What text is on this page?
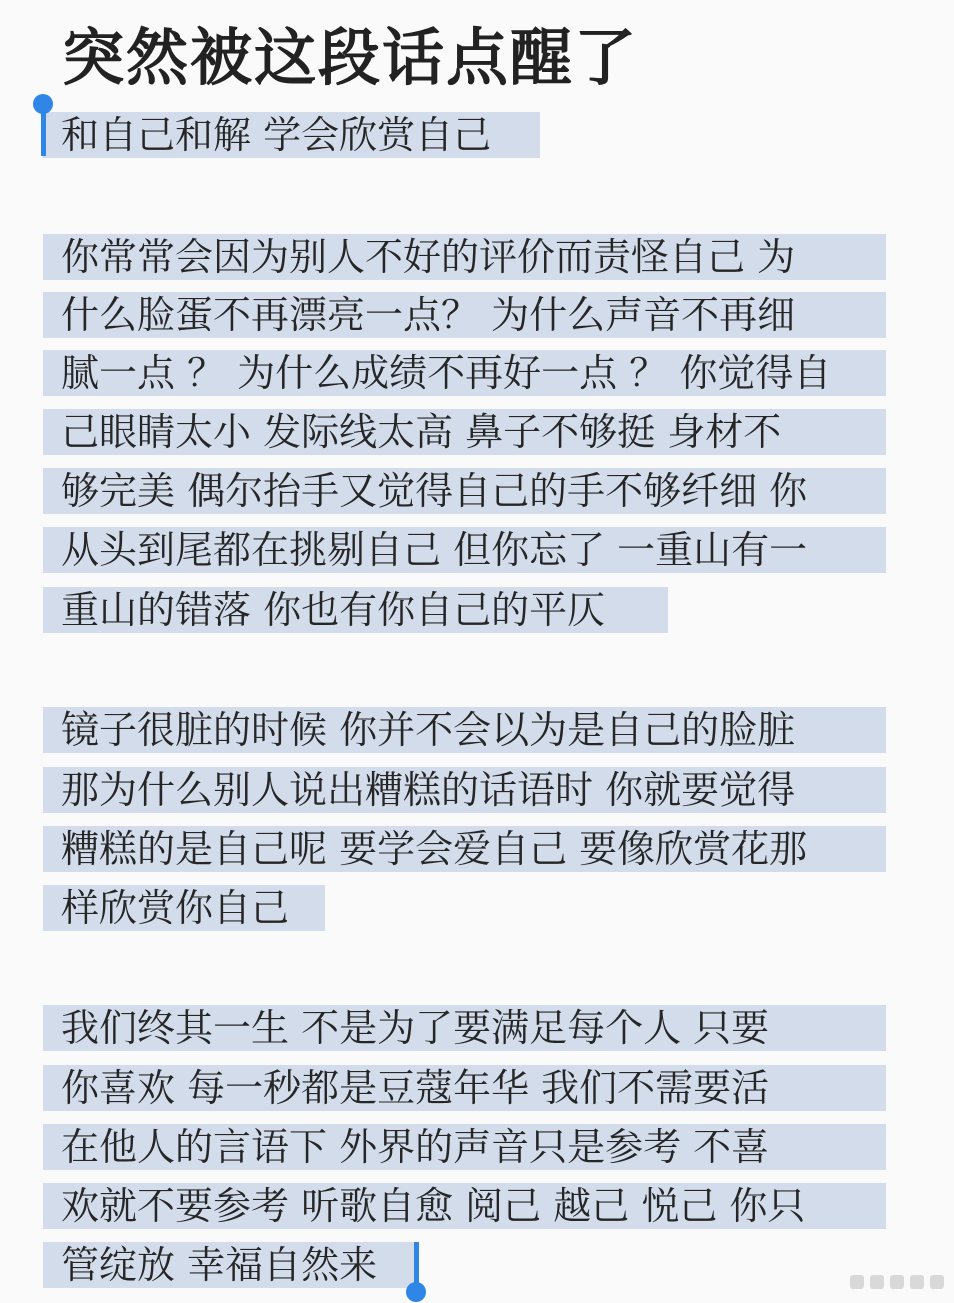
突然被这段话点醒了
和自己和解 学会欣赏自己
你常常会因为别人不好的评价而责怪自己 为
什么脸蛋不再漂亮一点？ 为什么声音不再细
腻一点 ？ 为什么成绩不再好一点 ？ 你觉得自
己眼睛太小 发际线太高 鼻子不够挺 身材不
够完美 偶尔抬手又觉得自己的手不够纤细 你
从头到尾都在挑剔自己 但你忘了 一重山有一
重山的错落 你也有你自己的平仄
镜子很脏的时候 你并不会以为是自己的脸脏
那为什么别人说出糟糕的话语时 你就要觉得
糟糕的是自己呢 要学会爱自己 要像欣赏花那
样欣赏你自己
我们终其一生 不是为了要满足每个人 只要
你喜欢 每一秒都是豆蔻年华 我们不需要活
在他人的言语下 外界的声音只是参考 不喜
欢就不要参考 听歌自愈 阅己 越己 悦己 你只
管绽放 幸福自然来
